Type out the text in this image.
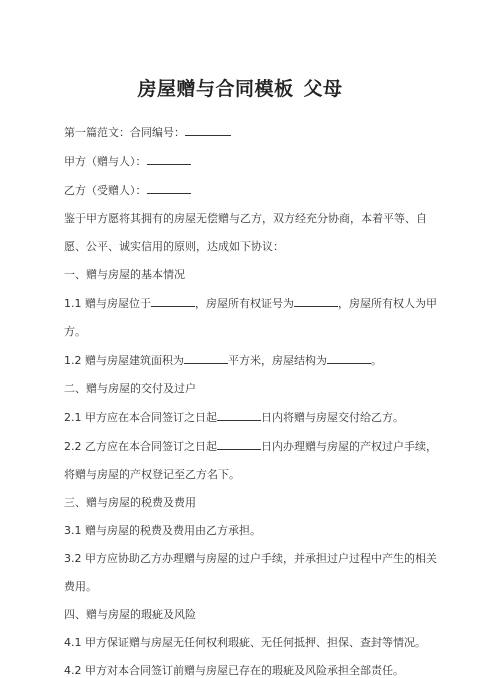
房屋赠与合同模板 父母

第一篇范文：合同编号：

甲方（赠与人）：

乙方（受赠人）：

鉴于甲方愿将其拥有的房屋无偿赠与乙方，双方经充分协商，本着平等、自

愿、公平、诚实信用的原则，达成如下协议：

一、赠与房屋的基本情况

1.1 赠与房屋位于	，房屋所有权证号为	，房屋所有权人为甲

方。

1.2 赠与房屋建筑面积为	平方米，房屋结构为	。

二、赠与房屋的交付及过户

2.1 甲方应在本合同签订之日起	日内将赠与房屋交付给乙方。

2.2 乙方应在本合同签订之日起	日内办理赠与房屋的产权过户手续，

将赠与房屋的产权登记至乙方名下。

三、赠与房屋的税费及费用

3.1 赠与房屋的税费及费用由乙方承担。

3.2 甲方应协助乙方办理赠与房屋的过户手续，并承担过户过程中产生的相关

费用。

四、赠与房屋的瑕疵及风险

4.1 甲方保证赠与房屋无任何权利瑕疵、无任何抵押、担保、查封等情况。

4.2 甲方对本合同签订前赠与房屋已存在的瑕疵及风险承担全部责任。
